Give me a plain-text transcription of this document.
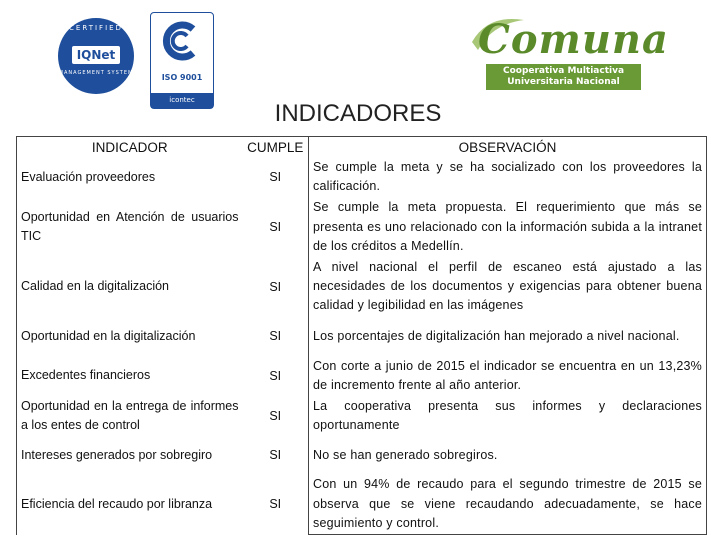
CERTIFIED
IQNet
MANAGEMENT SYSTEM	ISO 9001
icontec
Comuna
Cooperativa Multiactiva
Universitaria Nacional
INDICADORES
INDICADOR	CUMPLE	OBSERVACIÓN
Evaluación proveedores	SI	Se cumple la meta y se ha socializado con los proveedores la calificación.
Oportunidad en Atención de usuarios TIC	SI	Se cumple la meta propuesta. El requerimiento que más se presenta es uno relacionado con la información subida a la intranet de los créditos a Medellín.
Calidad en la digitalización	SI	A nivel nacional el perfil de escaneo está ajustado a las necesidades de los documentos y exigencias para obtener buena calidad y legibilidad en las imágenes
Oportunidad en la digitalización	SI	Los porcentajes de digitalización han mejorado a nivel nacional.
Excedentes financieros	SI	Con corte a junio de 2015 el indicador se encuentra en un 13,23% de incremento frente al año anterior.
Oportunidad en la entrega de informes a los entes de control	SI	La cooperativa presenta sus informes y declaraciones oportunamente
Intereses generados por sobregiro	SI	No se han generado sobregiros.
Eficiencia del recaudo por libranza	SI	Con un 94% de recaudo para el segundo trimestre de 2015 se observa que se viene recaudando adecuadamente, se hace seguimiento y control.
